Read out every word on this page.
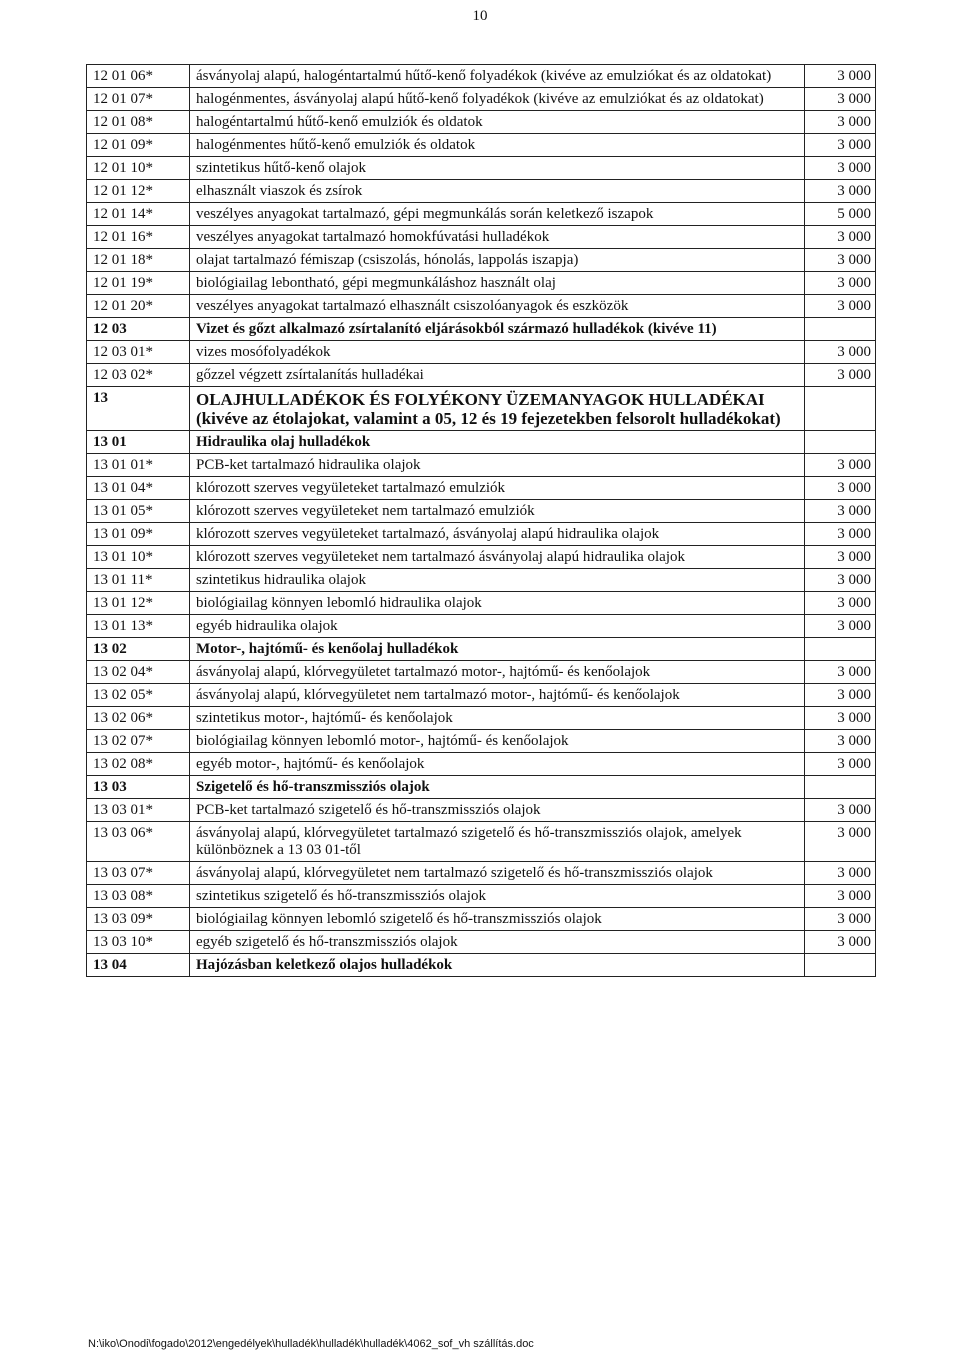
10
12 01 06*	ásványolaj alapú, halogéntartalmú hűtő-kenő folyadékok (kivéve az emulziókat és az oldatokat)	3 000
12 01 07*	halogénmentes, ásványolaj alapú hűtő-kenő folyadékok (kivéve az emulziókat és az oldatokat)	3 000
12 01 08*	halogéntartalmú hűtő-kenő emulziók és oldatok	3 000
12 01 09*	halogénmentes hűtő-kenő emulziók és oldatok	3 000
12 01 10*	szintetikus hűtő-kenő olajok	3 000
12 01 12*	elhasznált viaszok és zsírok	3 000
12 01 14*	veszélyes anyagokat tartalmazó, gépi megmunkálás során keletkező iszapok	5 000
12 01 16*	veszélyes anyagokat tartalmazó homokfúvatási hulladékok	3 000
12 01 18*	olajat tartalmazó fémiszap (csiszolás, hónolás, lappolás iszapja)	3 000
12 01 19*	biológiailag lebontható, gépi megmunkáláshoz használt olaj	3 000
12 01 20*	veszélyes anyagokat tartalmazó elhasznált csiszolóanyagok és eszközök	3 000
12 03	Vizet és gőzt alkalmazó zsírtalanító eljárásokból származó hulladékok (kivéve 11)	
12 03 01*	vizes mosófolyadékok	3 000
12 03 02*	gőzzel végzett zsírtalanítás hulladékai	3 000
13	OLAJHULLADÉKOK ÉS FOLYÉKONY ÜZEMANYAGOK HULLADÉKAI (kivéve az étolajokat, valamint a 05, 12 és 19 fejezetekben felsorolt hulladékokat)	
13 01	Hidraulika olaj hulladékok	
13 01 01*	PCB-ket tartalmazó hidraulika olajok	3 000
13 01 04*	klórozott szerves vegyületeket tartalmazó emulziók	3 000
13 01 05*	klórozott szerves vegyületeket nem tartalmazó emulziók	3 000
13 01 09*	klórozott szerves vegyületeket tartalmazó, ásványolaj alapú hidraulika olajok	3 000
13 01 10*	klórozott szerves vegyületeket nem tartalmazó ásványolaj alapú hidraulika olajok	3 000
13 01 11*	szintetikus hidraulika olajok	3 000
13 01 12*	biológiailag könnyen lebomló hidraulika olajok	3 000
13 01 13*	egyéb hidraulika olajok	3 000
13 02	Motor-, hajtómű- és kenőolaj hulladékok	
13 02 04*	ásványolaj alapú, klórvegyületet tartalmazó motor-, hajtómű- és kenőolajok	3 000
13 02 05*	ásványolaj alapú, klórvegyületet nem tartalmazó motor-, hajtómű- és kenőolajok	3 000
13 02 06*	szintetikus motor-, hajtómű- és kenőolajok	3 000
13 02 07*	biológiailag könnyen lebomló motor-, hajtómű- és kenőolajok	3 000
13 02 08*	egyéb motor-, hajtómű- és kenőolajok	3 000
13 03	Szigetelő és hő-transzmissziós olajok	
13 03 01*	PCB-ket tartalmazó szigetelő és hő-transzmissziós olajok	3 000
13 03 06*	ásványolaj alapú, klórvegyületet tartalmazó szigetelő és hő-transzmissziós olajok, amelyek különböznek a 13 03 01-től	3 000
13 03 07*	ásványolaj alapú, klórvegyületet nem tartalmazó szigetelő és hő-transzmissziós olajok	3 000
13 03 08*	szintetikus szigetelő és hő-transzmissziós olajok	3 000
13 03 09*	biológiailag könnyen lebomló szigetelő és hő-transzmissziós olajok	3 000
13 03 10*	egyéb szigetelő és hő-transzmissziós olajok	3 000
13 04	Hajózásban keletkező olajos hulladékok	
N:\iko\Onodi\fogado\2012\engedélyek\hulladék\hulladék\hulladék\4062_sof_vh szállítás.doc
